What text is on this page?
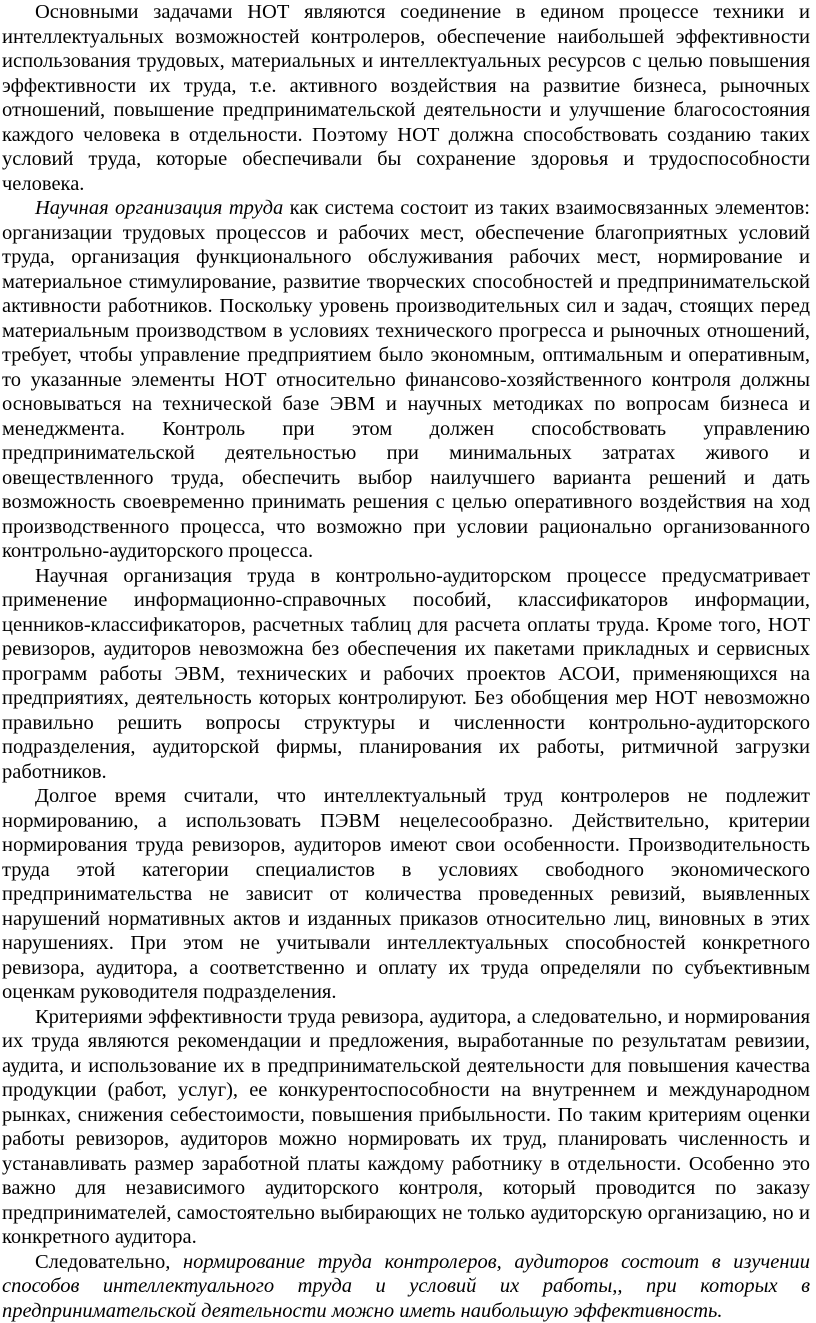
Основными задачами НОТ являются соединение в едином процессе техники и интеллектуальных возможностей контролеров, обеспечение наибольшей эффективности использования трудовых, материальных и интеллектуальных ресурсов с целью повышения эффективности их труда, т.е. активного воздействия на развитие бизнеса, рыночных отношений, повышение предпринимательской деятельности и улучшение благосостояния каждого человека в отдельности. Поэтому НОТ должна способствовать созданию таких условий труда, которые обеспечивали бы сохранение здоровья и трудоспособности человека.

Научная организация труда как система состоит из таких взаимосвязанных элементов: организации трудовых процессов и рабочих мест, обеспечение благоприятных условий труда, организация функционального обслуживания рабочих мест, нормирование и материальное стимулирование, развитие творческих способностей и предпринимательской активности работников. Поскольку уровень производительных сил и задач, стоящих перед материальным производством в условиях технического прогресса и рыночных отношений, требует, чтобы управление предприятием было экономным, оптимальным и оперативным, то указанные элементы НОТ относительно финансово-хозяйственного контроля должны основываться на технической базе ЭВМ и научных методиках по вопросам бизнеса и менеджмента. Контроль при этом должен способствовать управлению предпринимательской деятельностью при минимальных затратах живого и овеществленного труда, обеспечить выбор наилучшего варианта решений и дать возможность своевременно принимать решения с целью оперативного воздействия на ход производственного процесса, что возможно при условии рационально организованного контрольно-аудиторского процесса.

Научная организация труда в контрольно-аудиторском процессе предусматривает применение информационно-справочных пособий, классификаторов информации, ценников-классификаторов, расчетных таблиц для расчета оплаты труда. Кроме того, НОТ ревизоров, аудиторов невозможна без обеспечения их пакетами прикладных и сервисных программ работы ЭВМ, технических и рабочих проектов АСОИ, применяющихся на предприятиях, деятельность которых контролируют. Без обобщения мер НОТ невозможно правильно решить вопросы структуры и численности контрольно-аудиторского подразделения, аудиторской фирмы, планирования их работы, ритмичной загрузки работников.

Долгое время считали, что интеллектуальный труд контролеров не подлежит нормированию, а использовать ПЭВМ нецелесообразно. Действительно, критерии нормирования труда ревизоров, аудиторов имеют свои особенности. Производительность труда этой категории специалистов в условиях свободного экономического предпринимательства не зависит от количества проведенных ревизий, выявленных нарушений нормативных актов и изданных приказов относительно лиц, виновных в этих нарушениях. При этом не учитывали интеллектуальных способностей конкретного ревизора, аудитора, а соответственно и оплату их труда определяли по субъективным оценкам руководителя подразделения.

Критериями эффективности труда ревизора, аудитора, а следовательно, и нормирования их труда являются рекомендации и предложения, выработанные по результатам ревизии, аудита, и использование их в предпринимательской деятельности для повышения качества продукции (работ, услуг), ее конкурентоспособности на внутреннем и международном рынках, снижения себестоимости, повышения прибыльности. По таким критериям оценки работы ревизоров, аудиторов можно нормировать их труд, планировать численность и устанавливать размер заработной платы каждому работнику в отдельности. Особенно это важно для независимого аудиторского контроля, который проводится по заказу предпринимателей, самостоятельно выбирающих не только аудиторскую организацию, но и конкретного аудитора.

Следовательно, нормирование труда контролеров, аудиторов состоит в изучении способов интеллектуального труда и условий их работы,, при которых в предпринимательской деятельности можно иметь наибольшую эффективность.
